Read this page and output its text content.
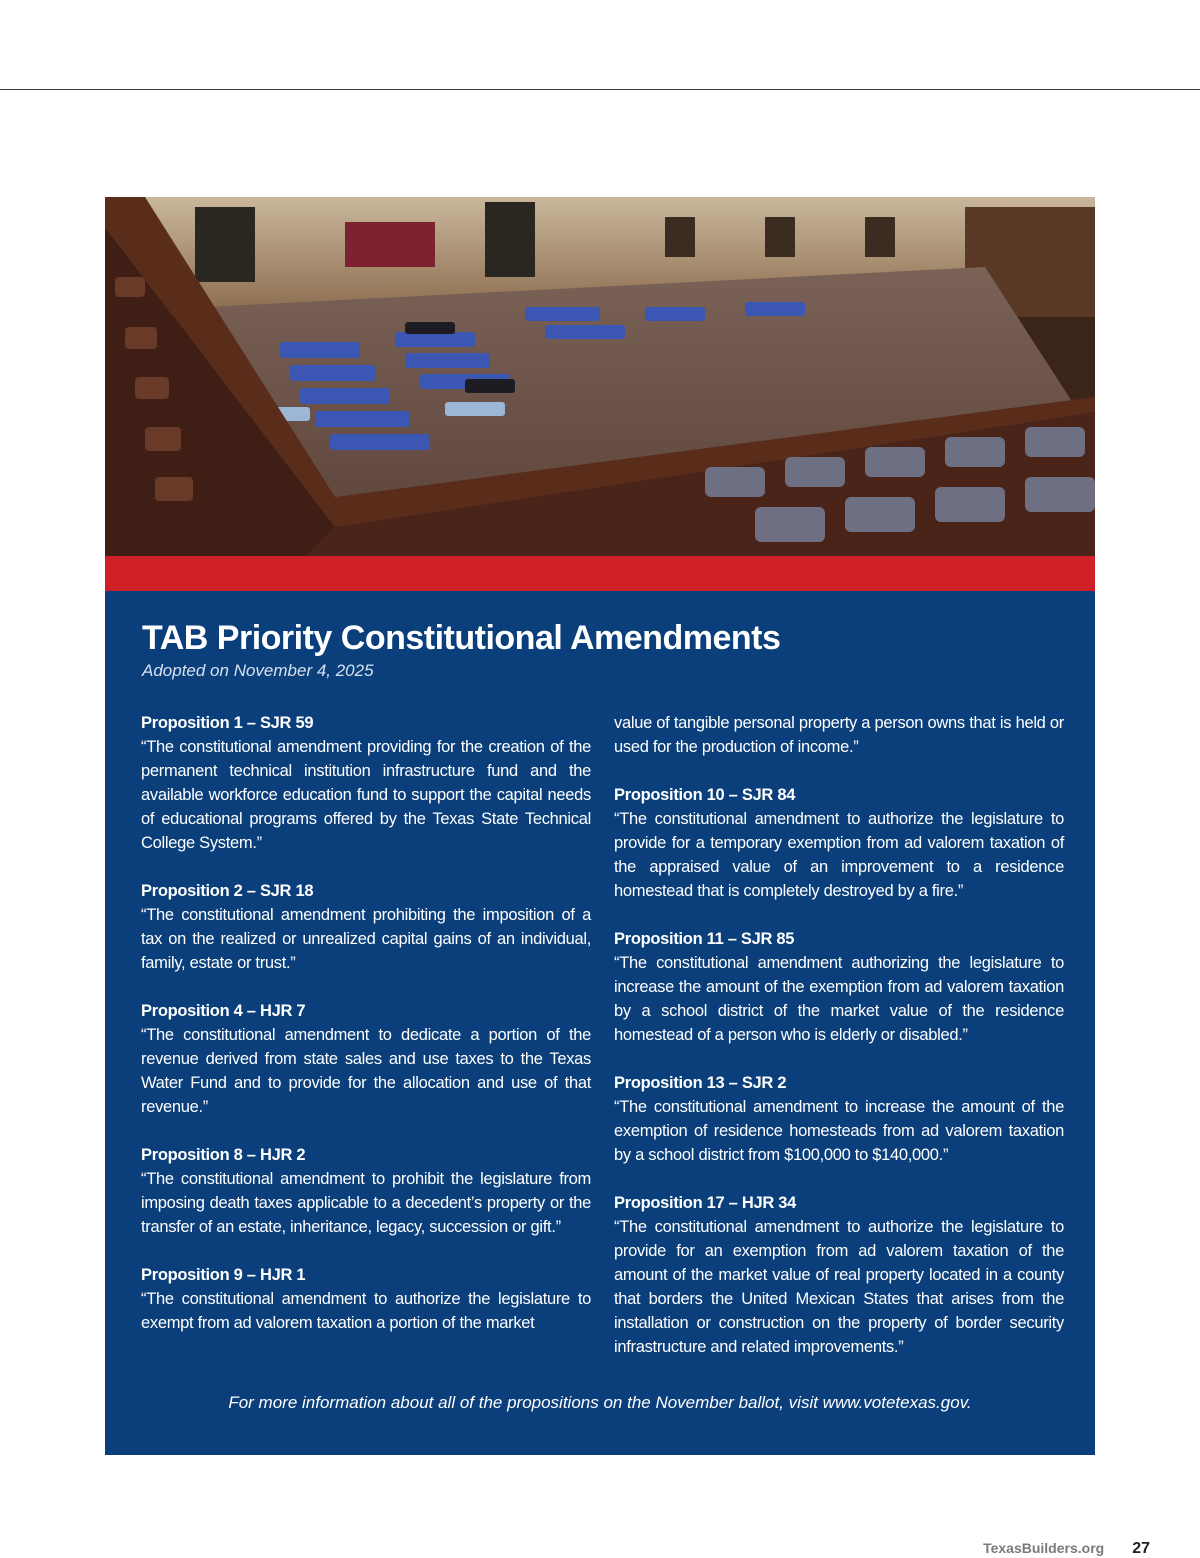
TAB Priority Constitutional Amendments
Adopted on November 4, 2025
Proposition 1 – SJR 59
“The constitutional amendment providing for the creation of the permanent technical institution infrastructure fund and the available workforce education fund to support the capital needs of educational programs offered by the Texas State Technical College System.”
Proposition 2 – SJR 18
“The constitutional amendment prohibiting the imposition of a tax on the realized or unrealized capital gains of an individual, family, estate or trust.”
Proposition 4 – HJR 7
“The constitutional amendment to dedicate a portion of the revenue derived from state sales and use taxes to the Texas Water Fund and to provide for the allocation and use of that revenue.”
Proposition 8 – HJR 2
“The constitutional amendment to prohibit the legislature from imposing death taxes applicable to a decedent’s property or the transfer of an estate, inheritance, legacy, succession or gift.”
Proposition 9 – HJR 1
“The constitutional amendment to authorize the legislature to exempt from ad valorem taxation a portion of the market
value of tangible personal property a person owns that is held or used for the production of income.”
Proposition 10 – SJR 84
“The constitutional amendment to authorize the legislature to provide for a temporary exemption from ad valorem taxation of the appraised value of an improvement to a residence homestead that is completely destroyed by a fire.”
Proposition 11 – SJR 85
“The constitutional amendment authorizing the legislature to increase the amount of the exemption from ad valorem taxation by a school district of the market value of the residence homestead of a person who is elderly or disabled.”
Proposition 13 – SJR 2
“The constitutional amendment to increase the amount of the exemption of residence homesteads from ad valorem taxation by a school district from $100,000 to $140,000.”
Proposition 17 – HJR 34
“The constitutional amendment to authorize the legislature to provide for an exemption from ad valorem taxation of the amount of the market value of real property located in a county that borders the United Mexican States that arises from the installation or construction on the property of border security infrastructure and related improvements.”
For more information about all of the propositions on the November ballot, visit www.votetexas.gov.
TexasBuilders.org 27
